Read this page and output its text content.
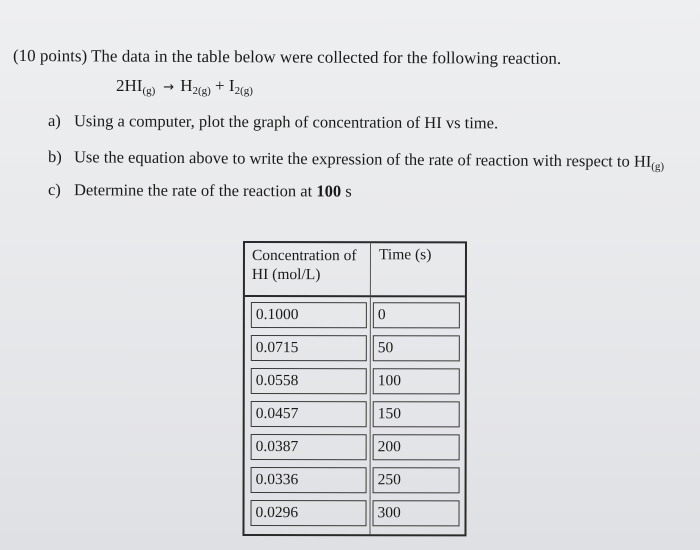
(10 points) The data in the table below were collected for the following reaction.
$2HI_{(g)} \to H_{2(g)} + I_{2(g)}$
a) Using a computer, plot the graph of concentration of HI vs time.
b) Use the equation above to write the expression of the rate of reaction with respect to $HI_{(g)}$
c) Determine the rate of the reaction at 100 s
Concentration of
HI (mol/L)	Time (s)

0.1000	0

0.0715	50

0.0558	100

0.0457	150

0.0387	200

0.0336	250

0.0296	300
